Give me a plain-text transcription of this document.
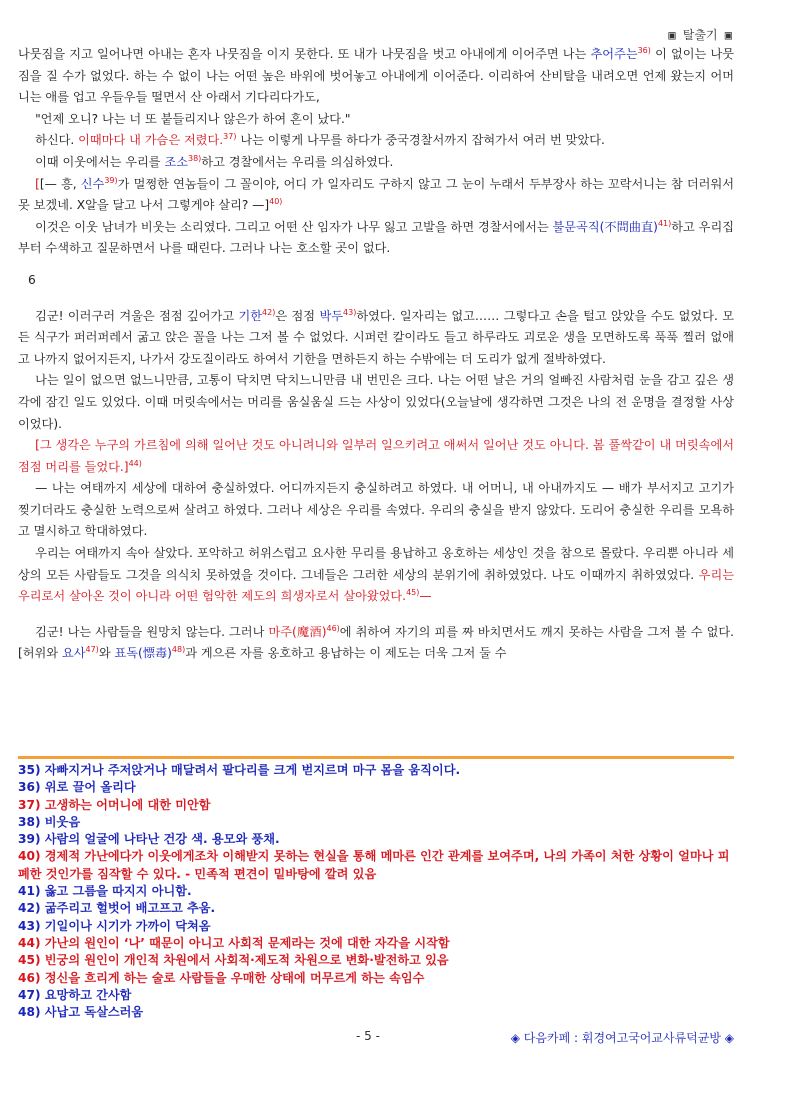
▣ 탈출기 ▣

나뭇짐을 지고 일어나면 아내는 혼자 나뭇짐을 이지 못한다. 또 내가 나뭇짐을 벗고 아내에게 이어주면 나는 추어주는$^{36)}$ 이 없이는 나뭇짐을 질 수가 없었다. 하는 수 없이 나는 어떤 높은 바위에 벗어놓고 아내에게 이어준다. 이리하여 산비탈을 내려오면 언제 왔는지 어머니는 애를 업고 우들우들 떨면서 산 아래서 기다리다가도,

"언제 오니? 나는 너 또 붙들리지나 않은가 하여 혼이 났다."

하신다. 이때마다 내 가슴은 저렸다.$^{37)}$ 나는 이렇게 나무를 하다가 중국경찰서까지 잡혀가서 여러 번 맞았다.

이때 이웃에서는 우리를 조소$^{38)}$하고 경찰에서는 우리를 의심하였다.

[[— 흥, 신수$^{39)}$가 멀쩡한 연놈들이 그 꼴이야, 어디 가 일자리도 구하지 않고 그 눈이 누래서 두부장사 하는 꼬락서니는 참 더러워서 못 보겠네. X알을 달고 나서 그렇게야 살리? —]$^{40)}$

이것은 이웃 남녀가 비웃는 소리였다. 그리고 어떤 산 임자가 나무 잃고 고발을 하면 경찰서에서는 불문곡직(不問曲直)$^{41)}$하고 우리집부터 수색하고 질문하면서 나를 때린다. 그러나 나는 호소할 곳이 없다.

6

김군! 이러구러 겨울은 점점 깊어가고 기한$^{42)}$은 점점 박두$^{43)}$하였다. 일자리는 없고…… 그렇다고 손을 털고 앉았을 수도 없었다. 모든 식구가 퍼러퍼레서 굶고 앉은 꼴을 나는 그저 볼 수 없었다. 시퍼런 칼이라도 들고 하루라도 괴로운 생을 모면하도록 푹푹 찔러 없애고 나까지 없어지든지, 나가서 강도질이라도 하여서 기한을 면하든지 하는 수밖에는 더 도리가 없게 절박하였다.

나는 일이 없으면 없느니만큼, 고통이 닥치면 닥치느니만큼 내 번민은 크다. 나는 어떤 날은 거의 얼빠진 사람처럼 눈을 감고 깊은 생각에 잠긴 일도 있었다. 이때 머릿속에서는 머리를 움실움실 드는 사상이 있었다(오늘날에 생각하면 그것은 나의 전 운명을 결정할 사상이었다).

[그 생각은 누구의 가르침에 의해 일어난 것도 아니려니와 일부러 일으키려고 애써서 일어난 것도 아니다. 봄 풀싹같이 내 머릿속에서 점점 머리를 들었다.]$^{44)}$

— 나는 여태까지 세상에 대하여 충실하였다. 어디까지든지 충실하려고 하였다. 내 어머니, 내 아내까지도 — 배가 부서지고 고기가 찢기더라도 충실한 노력으로써 살려고 하였다. 그러나 세상은 우리를 속였다. 우리의 충실을 받지 않았다. 도리어 충실한 우리를 모욕하고 멸시하고 학대하였다.

우리는 여태까지 속아 살았다. 포악하고 허위스럽고 요사한 무리를 용납하고 옹호하는 세상인 것을 참으로 몰랐다. 우리뿐 아니라 세상의 모든 사람들도 그것을 의식치 못하였을 것이다. 그네들은 그러한 세상의 분위기에 취하였었다. 나도 이때까지 취하였었다. 우리는 우리로서 살아온 것이 아니라 어떤 험악한 제도의 희생자로서 살아왔었다.$^{45)}$—

김군! 나는 사람들을 원망치 않는다. 그러나 마주(魔酒)$^{46)}$에 취하여 자기의 피를 짜 바치면서도 깨지 못하는 사람을 그저 볼 수 없다. [허위와 요사$^{47)}$와 표독(慓毒)$^{48)}$과 게으른 자를 옹호하고 용납하는 이 제도는 더욱 그저 둘 수

35) 자빠지거나 주저앉거나 매달려서 팔다리를 크게 벋지르며 마구 몸을 움직이다.
36) 위로 끌어 올리다
37) 고생하는 어머니에 대한 미안함
38) 비웃음
39) 사람의 얼굴에 나타난 건강 색. 용모와 풍채.
40) 경제적 가난에다가 이웃에게조차 이해받지 못하는 현실을 통해 메마른 인간 관계를 보여주며, 나의 가족이 처한 상황이 얼마나 피폐한 것인가를 짐작할 수 있다. - 민족적 편견이 밑바탕에 깔려 있음
41) 옳고 그름을 따지지 아니함.
42) 굶주리고 헐벗어 배고프고 추움.
43) 기일이나 시기가 가까이 닥쳐옴
44) 가난의 원인이 ‘나’ 때문이 아니고 사회적 문제라는 것에 대한 자각을 시작함
45) 빈궁의 원인이 개인적 차원에서 사회적·제도적 차원으로 변화·발전하고 있음
46) 정신을 흐리게 하는 술로 사람들을 우매한 상태에 머무르게 하는 속임수
47) 요망하고 간사함
48) 사납고 독살스러움
- 5 -	◈ 다음카페 : 휘경여고국어교사류덕균방 ◈
